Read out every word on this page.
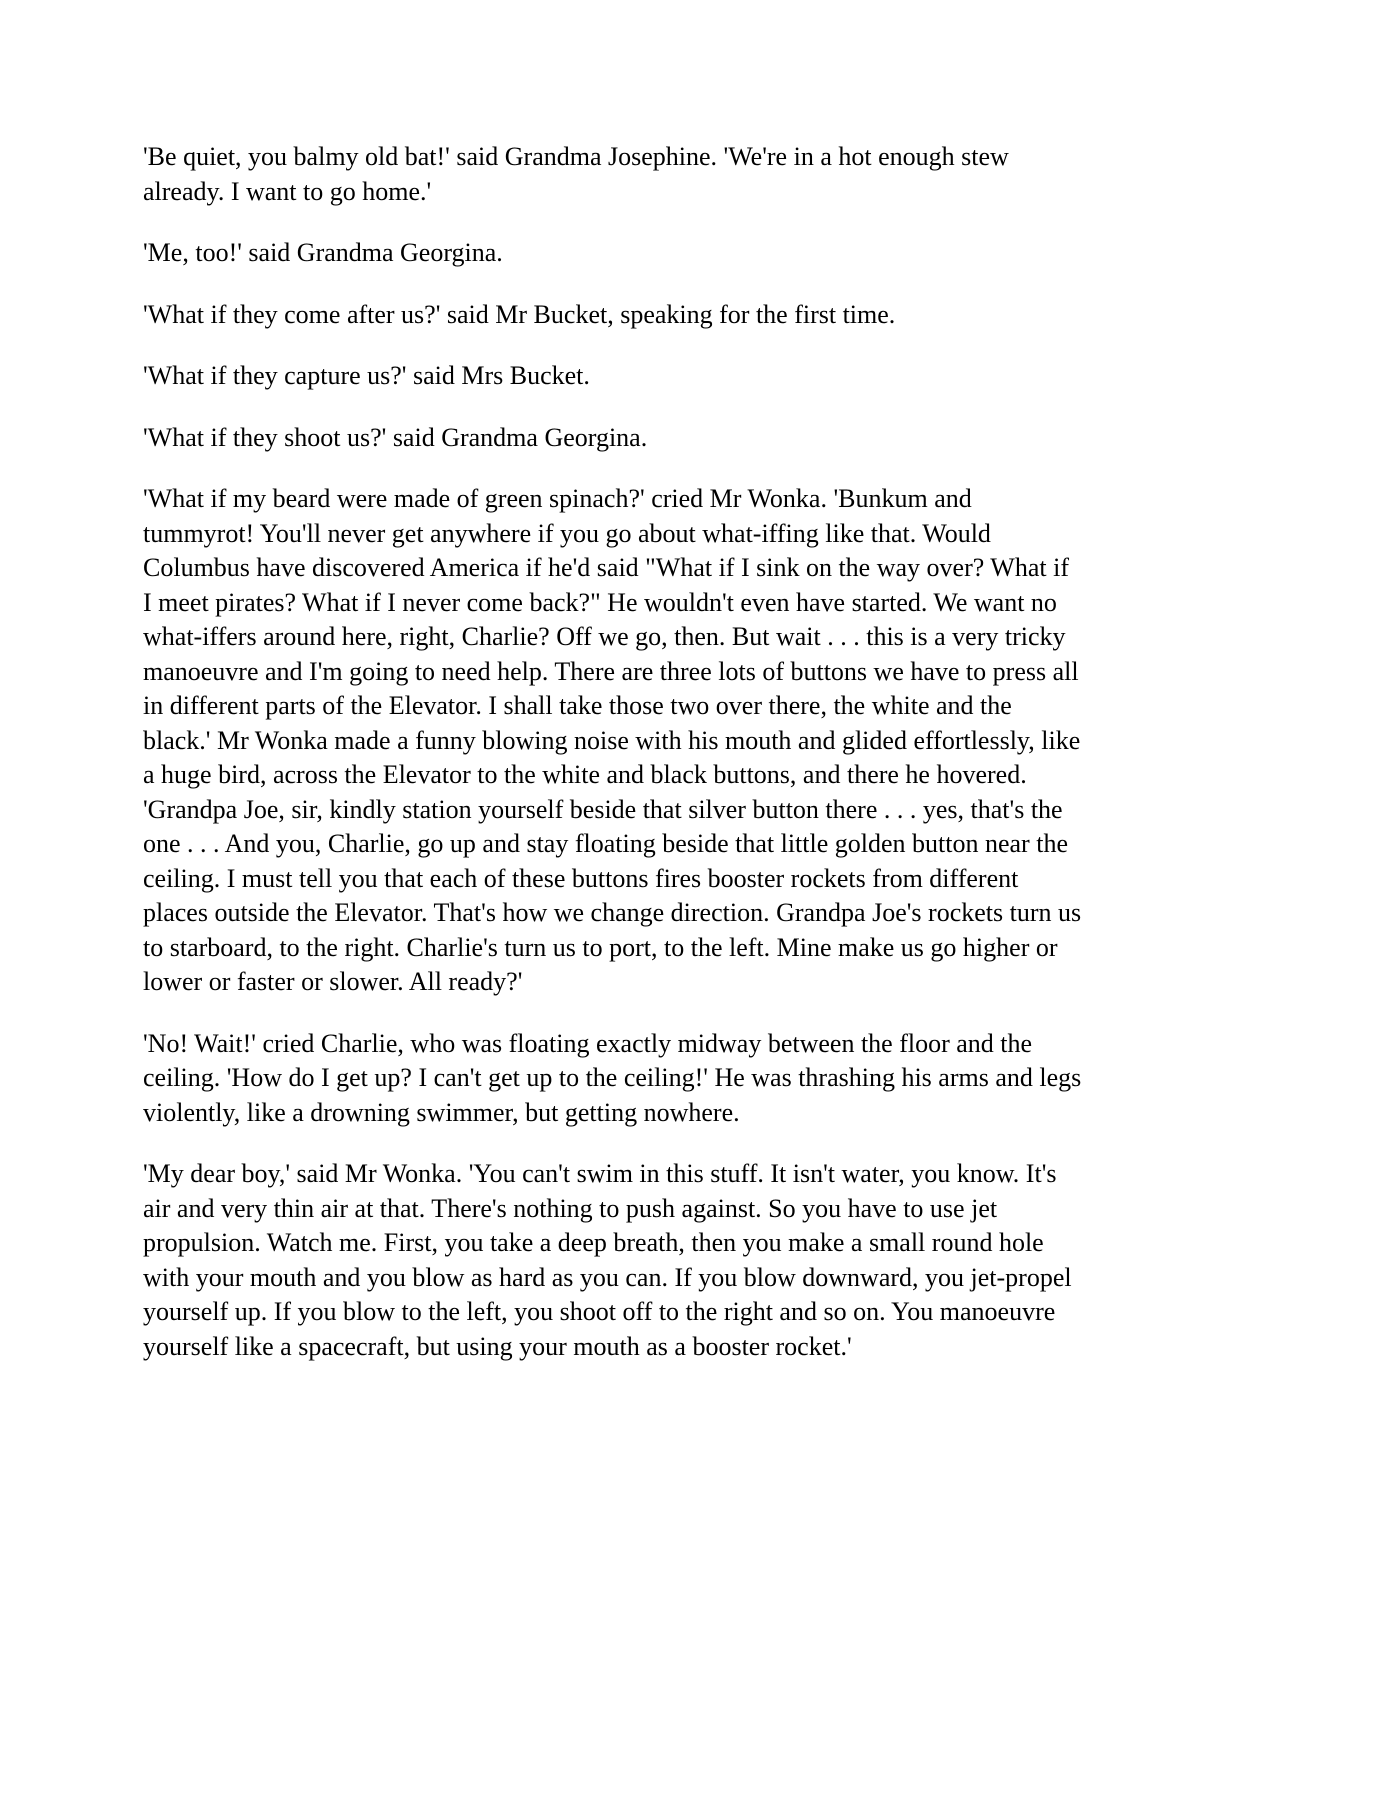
'Be quiet, you balmy old bat!' said Grandma Josephine. 'We're in a hot enough stew already. I want to go home.'

'Me, too!' said Grandma Georgina.

'What if they come after us?' said Mr Bucket, speaking for the first time.

'What if they capture us?' said Mrs Bucket.

'What if they shoot us?' said Grandma Georgina.

'What if my beard were made of green spinach?' cried Mr Wonka. 'Bunkum and tummyrot! You'll never get anywhere if you go about what-iffing like that. Would Columbus have discovered America if he'd said "What if I sink on the way over? What if I meet pirates? What if I never come back?" He wouldn't even have started. We want no what-iffers around here, right, Charlie? Off we go, then. But wait . . . this is a very tricky manoeuvre and I'm going to need help. There are three lots of buttons we have to press all in different parts of the Elevator. I shall take those two over there, the white and the black.' Mr Wonka made a funny blowing noise with his mouth and glided effortlessly, like a huge bird, across the Elevator to the white and black buttons, and there he hovered. 'Grandpa Joe, sir, kindly station yourself beside that silver button there . . . yes, that's the one . . . And you, Charlie, go up and stay floating beside that little golden button near the ceiling. I must tell you that each of these buttons fires booster rockets from different places outside the Elevator. That's how we change direction. Grandpa Joe's rockets turn us to starboard, to the right. Charlie's turn us to port, to the left. Mine make us go higher or lower or faster or slower. All ready?'

'No! Wait!' cried Charlie, who was floating exactly midway between the floor and the ceiling. 'How do I get up? I can't get up to the ceiling!' He was thrashing his arms and legs violently, like a drowning swimmer, but getting nowhere.

'My dear boy,' said Mr Wonka. 'You can't swim in this stuff. It isn't water, you know. It's air and very thin air at that. There's nothing to push against. So you have to use jet propulsion. Watch me. First, you take a deep breath, then you make a small round hole with your mouth and you blow as hard as you can. If you blow downward, you jet-propel yourself up. If you blow to the left, you shoot off to the right and so on. You manoeuvre yourself like a spacecraft, but using your mouth as a booster rocket.'
